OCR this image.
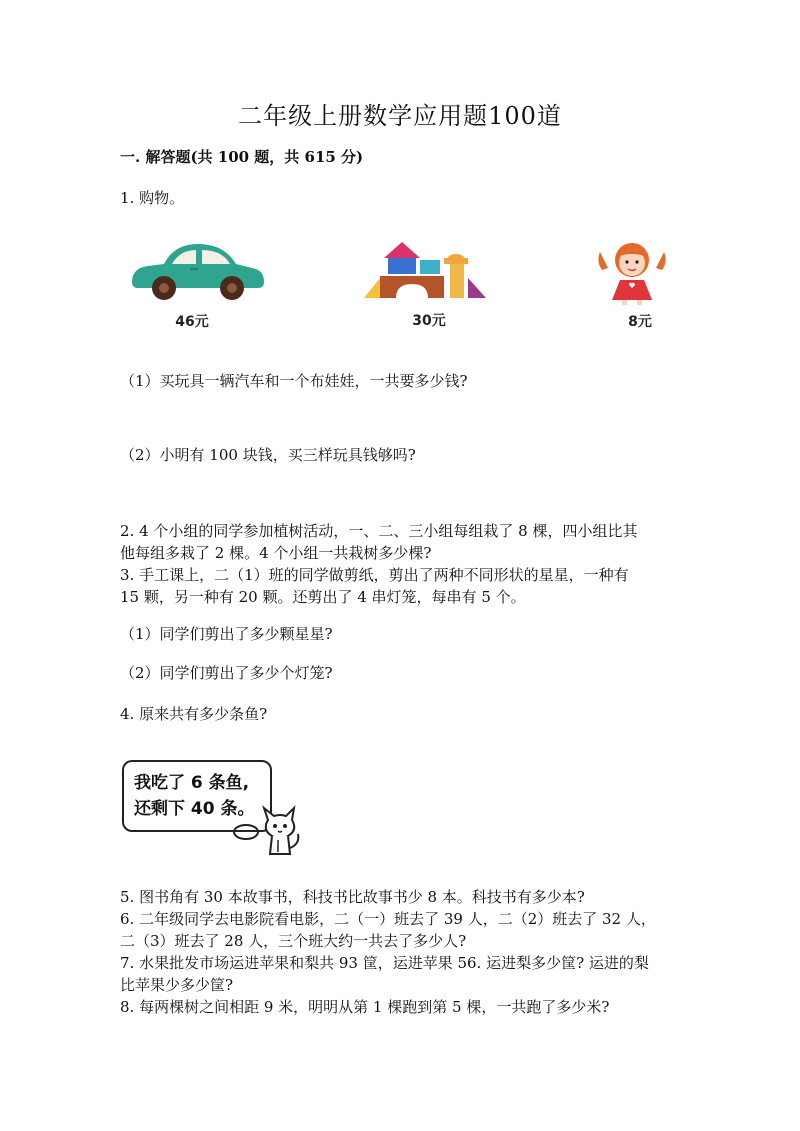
二年级上册数学应用题100道
一. 解答题(共 100 题，共 615 分)
1. 购物。
46元	30元	8元
（1）买玩具一辆汽车和一个布娃娃，一共要多少钱?
（2）小明有 100 块钱，买三样玩具钱够吗?
2. 4 个小组的同学参加植树活动，一、二、三小组每组栽了 8 棵，四小组比其
他每组多栽了 2 棵。4 个小组一共栽树多少棵?
3. 手工课上，二（1）班的同学做剪纸，剪出了两种不同形状的星星，一种有
15 颗，另一种有 20 颗。还剪出了 4 串灯笼，每串有 5 个。
（1）同学们剪出了多少颗星星?
（2）同学们剪出了多少个灯笼?
4. 原来共有多少条鱼?
我吃了 6 条鱼,
还剩下 40 条。
5. 图书角有 30 本故事书，科技书比故事书少 8 本。科技书有多少本?
6. 二年级同学去电影院看电影，二（一）班去了 39 人，二（2）班去了 32 人，
二（3）班去了 28 人，三个班大约一共去了多少人?
7. 水果批发市场运进苹果和梨共 93 筐，运进苹果 56. 运进梨多少筐? 运进的梨
比苹果少多少筐?
8. 每两棵树之间相距 9 米，明明从第 1 棵跑到第 5 棵，一共跑了多少米?
